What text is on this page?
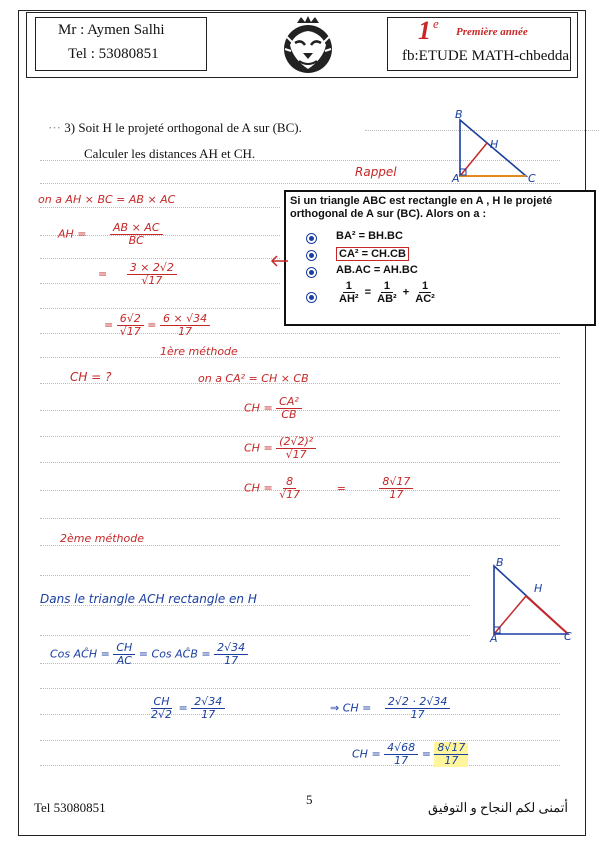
Mr : Aymen Salhi
Tel : 53080851
1 e
Première année
fb:ETUDE MATH-chbedda
··· 3) Soit H le projeté orthogonal de A sur (BC).
Calculer les distances AH et CH.
B
H
A	C
Rappel
on a AH × BC = AB × AC
AH = $\frac{AB \times AC}{BC}$
= $\frac{3 \times 2√2}{√17}$
= $\frac{6√2}{√17} = \frac{6 \times √34}{17}$
Si un triangle ABC est rectangle en A , H le projeté orthogonal de A sur (BC). Alors on a :
BA² = BH.BC
CA² = CH.CB
AB.AC = AH.BC
$\frac{1}{\text{AH²}} = \frac{1}{\text{AB²}} + \frac{1}{\text{AC²}}$
1ère méthode
CH = ?	on a CA² = CH × CB
CH = $\frac{\text{CA²}}{CB}$
CH = $\frac{\text{(2√2)²}}{√17}$
CH = $\frac{8}{√17}$	=	$\frac{8√17}{17}$
2ème méthode
B
H
A	C
Dans le triangle ACH rectangle en H
Cos AĈH = $\frac{CH}{AC}$ = Cos AĈB = $\frac{2√34}{17}$
$\frac{CH}{2√2} = \frac{2√34}{17}$	⇒ CH = $\frac{2√2 \cdot 2√34}{17}$
CH = $\frac{4√68}{17} = \frac{8√17}{17}$
Tel 53080851
5
أتمنى لكم النجاح و التوفيق
